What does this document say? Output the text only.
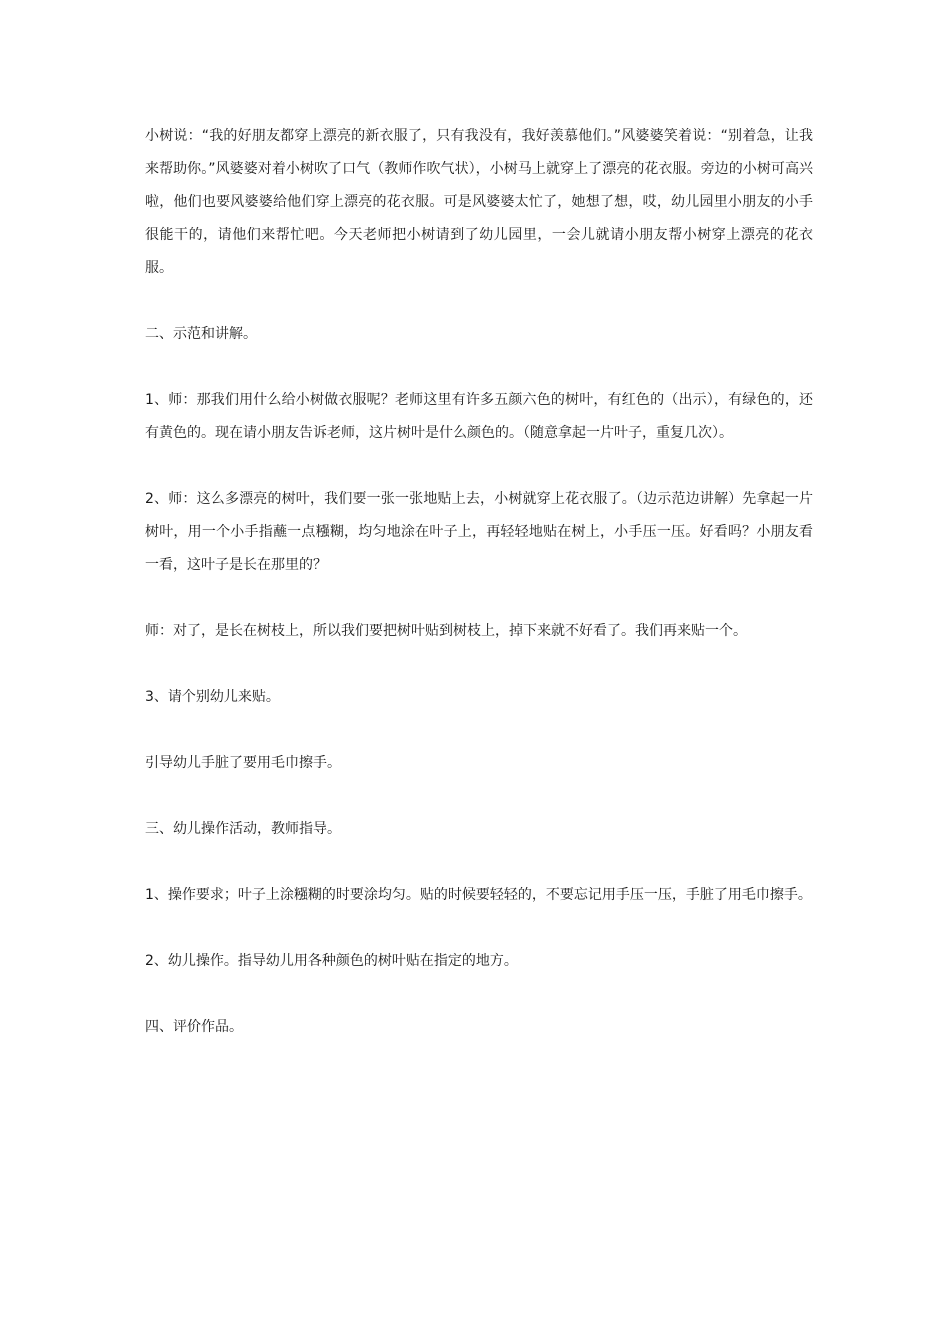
小树说：“我的好朋友都穿上漂亮的新衣服了，只有我没有，我好羡慕他们。”风婆婆笑着说：“别着急，让我来帮助你。”风婆婆对着小树吹了口气（教师作吹气状），小树马上就穿上了漂亮的花衣服。旁边的小树可高兴啦，他们也要风婆婆给他们穿上漂亮的花衣服。可是风婆婆太忙了，她想了想，哎，幼儿园里小朋友的小手很能干的，请他们来帮忙吧。今天老师把小树请到了幼儿园里，一会儿就请小朋友帮小树穿上漂亮的花衣服。

二、示范和讲解。

1、师：那我们用什么给小树做衣服呢？老师这里有许多五颜六色的树叶，有红色的（出示），有绿色的，还有黄色的。现在请小朋友告诉老师，这片树叶是什么颜色的。（随意拿起一片叶子，重复几次）。

2、师：这么多漂亮的树叶，我们要一张一张地贴上去，小树就穿上花衣服了。（边示范边讲解）先拿起一片树叶，用一个小手指蘸一点糨糊，均匀地涂在叶子上，再轻轻地贴在树上，小手压一压。好看吗？小朋友看一看，这叶子是长在那里的？

师：对了，是长在树枝上，所以我们要把树叶贴到树枝上，掉下来就不好看了。我们再来贴一个。

3、请个别幼儿来贴。

引导幼儿手脏了要用毛巾擦手。

三、幼儿操作活动，教师指导。

1、操作要求；叶子上涂糨糊的时要涂均匀。贴的时候要轻轻的，不要忘记用手压一压，手脏了用毛巾擦手。

2、幼儿操作。指导幼儿用各种颜色的树叶贴在指定的地方。

四、评价作品。
